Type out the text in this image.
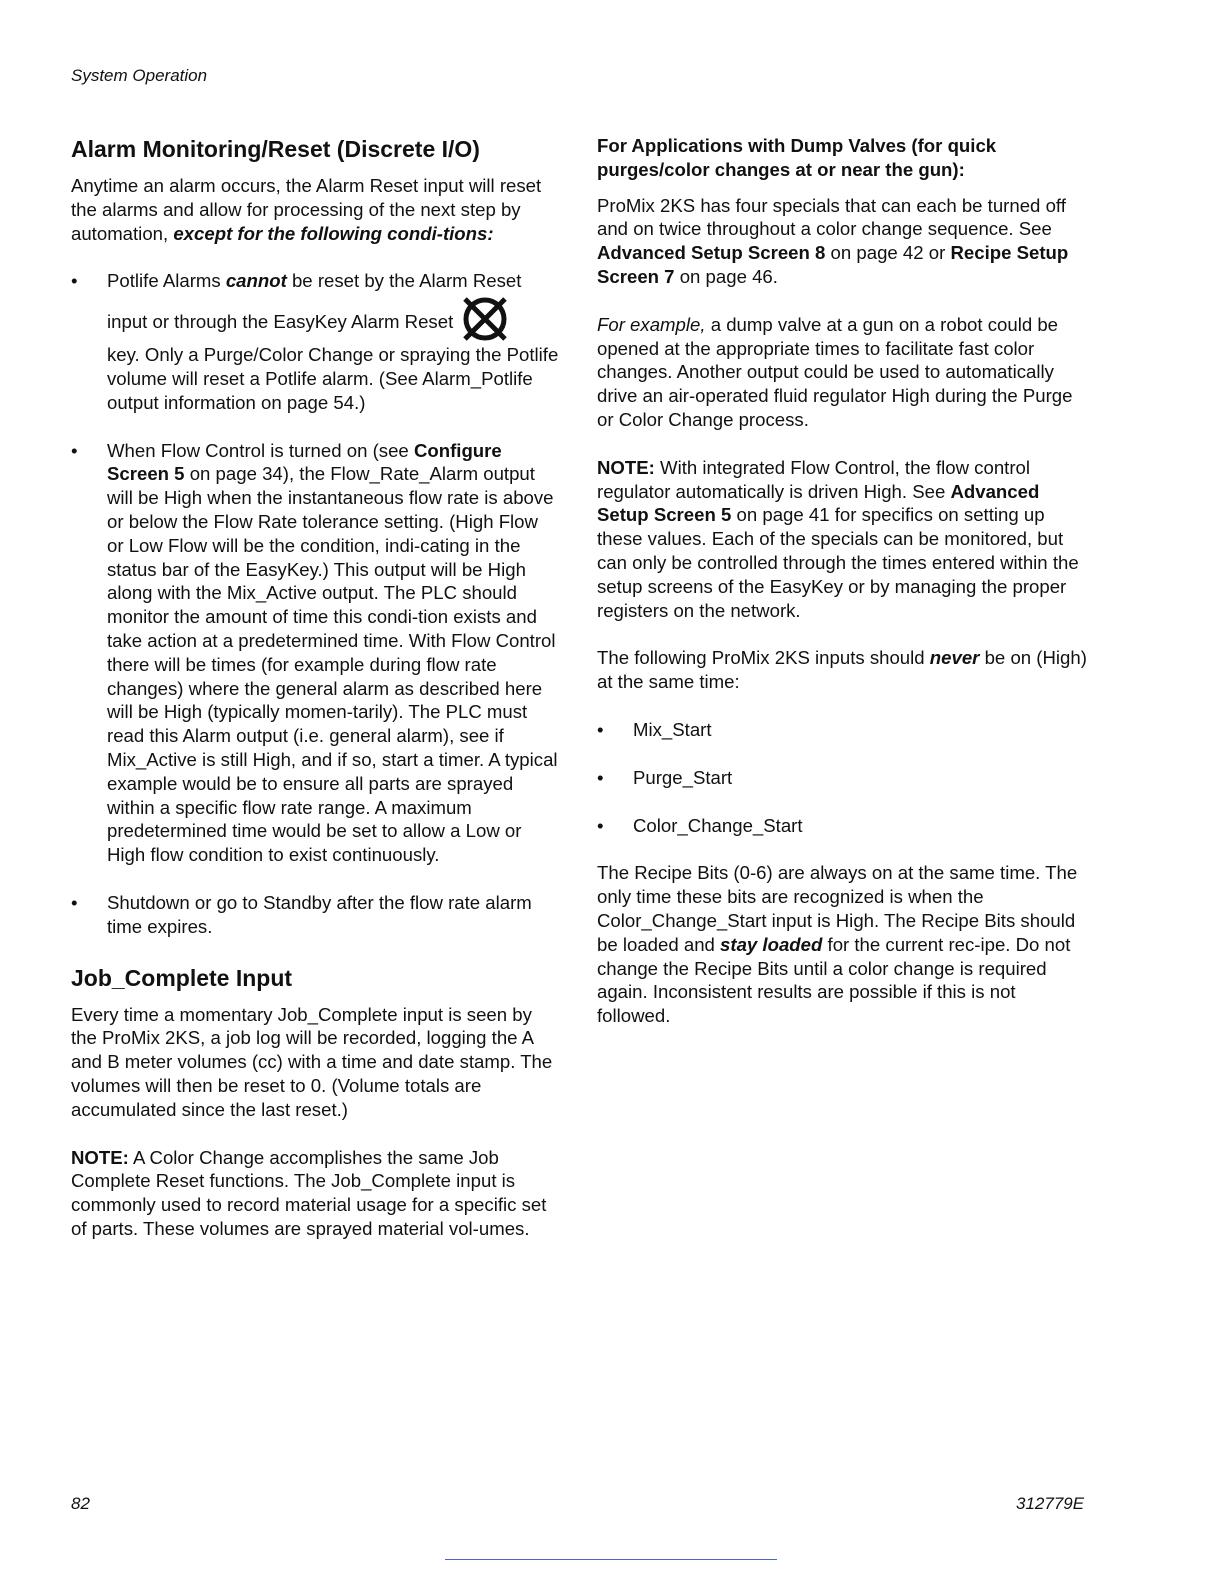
System Operation
Alarm Monitoring/Reset (Discrete I/O)

Anytime an alarm occurs, the Alarm Reset input will reset the alarms and allow for processing of the next step by automation, except for the following condi-tions:

• Potlife Alarms cannot be reset by the Alarm Reset
input or through the EasyKey Alarm Reset
key. Only a Purge/Color Change or spraying the Potlife volume will reset a Potlife alarm. (See Alarm_Potlife output information on page 54.)
• When Flow Control is turned on (see Configure Screen 5 on page 34), the Flow_Rate_Alarm output will be High when the instantaneous flow rate is above or below the Flow Rate tolerance setting. (High Flow or Low Flow will be the condition, indi-cating in the status bar of the EasyKey.) This output will be High along with the Mix_Active output. The PLC should monitor the amount of time this condi-tion exists and take action at a predetermined time. With Flow Control there will be times (for example during flow rate changes) where the general alarm as described here will be High (typically momen-tarily). The PLC must read this Alarm output (i.e. general alarm), see if Mix_Active is still High, and if so, start a timer. A typical example would be to ensure all parts are sprayed within a specific flow rate range. A maximum predetermined time would be set to allow a Low or High flow condition to exist continuously.
• Shutdown or go to Standby after the flow rate alarm time expires.
Job_Complete Input

Every time a momentary Job_Complete input is seen by the ProMix 2KS, a job log will be recorded, logging the A and B meter volumes (cc) with a time and date stamp. The volumes will then be reset to 0. (Volume totals are accumulated since the last reset.)

NOTE: A Color Change accomplishes the same Job Complete Reset functions. The Job_Complete input is commonly used to record material usage for a specific set of parts. These volumes are sprayed material vol-umes.

For Applications with Dump Valves (for quick purges/color changes at or near the gun):

ProMix 2KS has four specials that can each be turned off and on twice throughout a color change sequence. See Advanced Setup Screen 8 on page 42 or Recipe Setup Screen 7 on page 46.

For example, a dump valve at a gun on a robot could be opened at the appropriate times to facilitate fast color changes. Another output could be used to automatically drive an air-operated fluid regulator High during the Purge or Color Change process.

NOTE: With integrated Flow Control, the flow control regulator automatically is driven High. See Advanced Setup Screen 5 on page 41 for specifics on setting up these values. Each of the specials can be monitored, but can only be controlled through the times entered within the setup screens of the EasyKey or by managing the proper registers on the network.

The following ProMix 2KS inputs should never be on (High) at the same time:

• Mix_Start
• Purge_Start
• Color_Change_Start

The Recipe Bits (0-6) are always on at the same time. The only time these bits are recognized is when the Color_Change_Start input is High. The Recipe Bits should be loaded and stay loaded for the current rec-ipe. Do not change the Recipe Bits until a color change is required again. Inconsistent results are possible if this is not followed.

82	312779E
